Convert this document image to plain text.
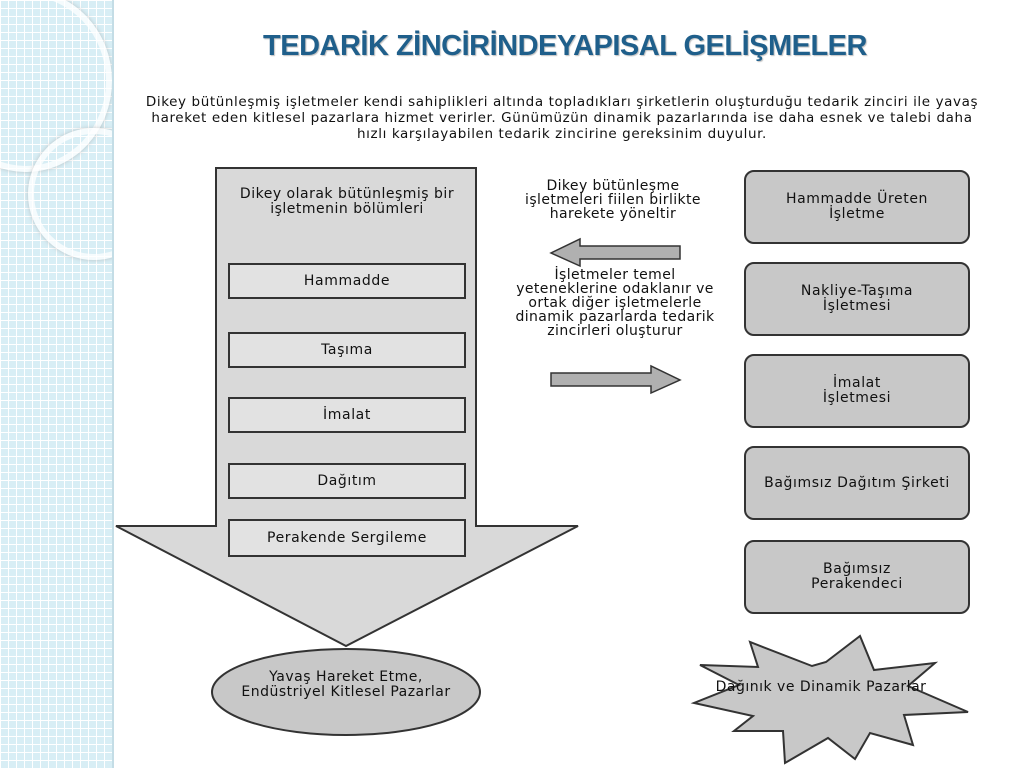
TEDARİK ZİNCİRİNDEYAPISAL GELİŞMELER
Dikey bütünleşmiş işletmeler kendi sahiplikleri altında topladıkları şirketlerin oluşturduğu tedarik zinciri ile yavaş hareket eden kitlesel pazarlara hizmet verirler. Günümüzün dinamik pazarlarında ise daha esnek ve talebi daha hızlı karşılayabilen tedarik zincirine gereksinim duyulur.
Dikey olarak bütünleşmiş bir işletmenin bölümleri
Hammadde
Taşıma
İmalat
Dağıtım
Perakende Sergileme
Dikey bütünleşme işletmeleri fiilen birlikte harekete yöneltir
İşletmeler temel yeteneklerine odaklanır ve ortak diğer işletmelerle dinamik pazarlarda tedarik zincirleri oluşturur
Hammadde Üreten İşletme
Nakliye-Taşıma İşletmesi
İmalat İşletmesi
Bağımsız Dağıtım Şirketi
Bağımsız Perakendeci
Yavaş Hareket Etme, Endüstriyel Kitlesel Pazarlar	Dağınık ve Dinamik Pazarlar
